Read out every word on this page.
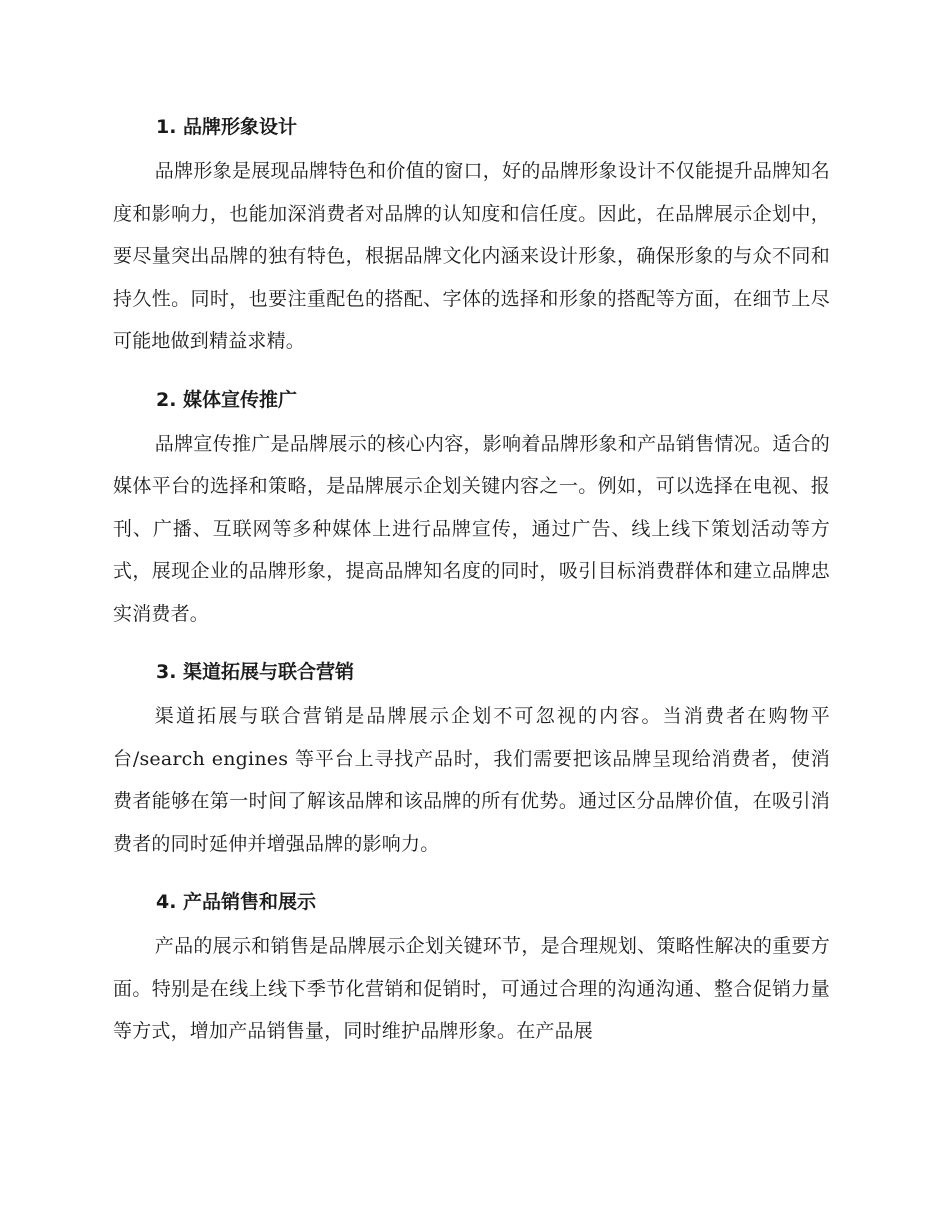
1. 品牌形象设计

品牌形象是展现品牌特色和价值的窗口，好的品牌形象设计不仅能提升品牌知名度和影响力，也能加深消费者对品牌的认知度和信任度。因此，在品牌展示企划中，要尽量突出品牌的独有特色，根据品牌文化内涵来设计形象，确保形象的与众不同和持久性。同时，也要注重配色的搭配、字体的选择和形象的搭配等方面，在细节上尽可能地做到精益求精。

2. 媒体宣传推广

品牌宣传推广是品牌展示的核心内容，影响着品牌形象和产品销售情况。适合的媒体平台的选择和策略，是品牌展示企划关键内容之一。例如，可以选择在电视、报刊、广播、互联网等多种媒体上进行品牌宣传，通过广告、线上线下策划活动等方式，展现企业的品牌形象，提高品牌知名度的同时，吸引目标消费群体和建立品牌忠实消费者。

3. 渠道拓展与联合营销

渠道拓展与联合营销是品牌展示企划不可忽视的内容。当消费者在购物平台/search engines 等平台上寻找产品时，我们需要把该品牌呈现给消费者，使消费者能够在第一时间了解该品牌和该品牌的所有优势。通过区分品牌价值，在吸引消费者的同时延伸并增强品牌的影响力。

4. 产品销售和展示

产品的展示和销售是品牌展示企划关键环节，是合理规划、策略性解决的重要方面。特别是在线上线下季节化营销和促销时，可通过合理的沟通沟通、整合促销力量等方式，增加产品销售量，同时维护品牌形象。在产品展
